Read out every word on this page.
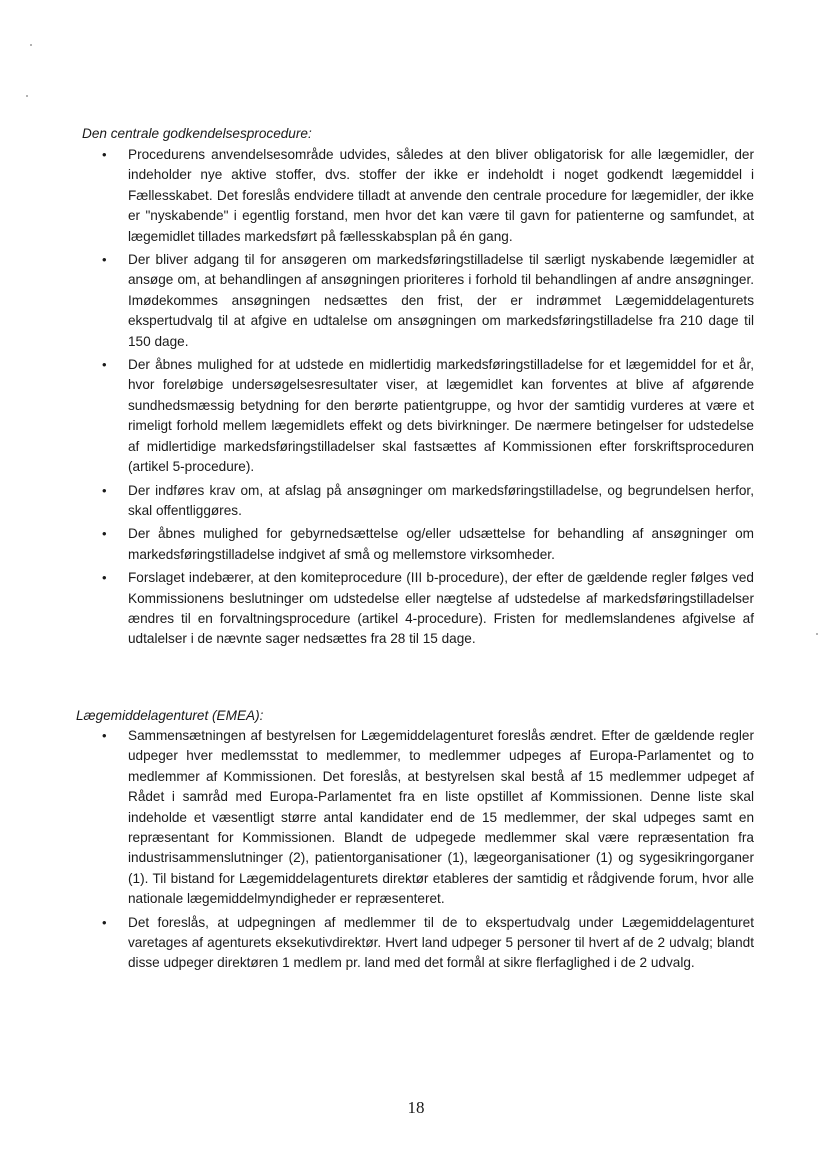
Den centrale godkendelsesprocedure:

• Procedurens anvendelsesområde udvides, således at den bliver obligatorisk for alle lægemidler, der indeholder nye aktive stoffer, dvs. stoffer der ikke er indeholdt i noget godkendt lægemiddel i Fællesskabet. Det foreslås endvidere tilladt at anvende den centrale procedure for lægemidler, der ikke er "nyskabende" i egentlig forstand, men hvor det kan være til gavn for patienterne og samfundet, at lægemidlet tillades markedsført på fællesskabsplan på én gang.
• Der bliver adgang til for ansøgeren om markedsføringstilladelse til særligt nyskabende lægemidler at ansøge om, at behandlingen af ansøgningen prioriteres i forhold til behandlingen af andre ansøgninger. Imødekommes ansøgningen nedsættes den frist, der er indrømmet Lægemiddelagenturets ekspertudvalg til at afgive en udtalelse om ansøgningen om markedsføringstilladelse fra 210 dage til 150 dage.
• Der åbnes mulighed for at udstede en midlertidig markedsføringstilladelse for et lægemiddel for et år, hvor foreløbige undersøgelsesresultater viser, at lægemidlet kan forventes at blive af afgørende sundhedsmæssig betydning for den berørte patientgruppe, og hvor der samtidig vurderes at være et rimeligt forhold mellem lægemidlets effekt og dets bivirkninger. De nærmere betingelser for udstedelse af midlertidige markedsføringstilladelser skal fastsættes af Kommissionen efter forskriftsproceduren (artikel 5-procedure).
• Der indføres krav om, at afslag på ansøgninger om markedsføringstilladelse, og begrundelsen herfor, skal offentliggøres.
• Der åbnes mulighed for gebyrnedsættelse og/eller udsættelse for behandling af ansøgninger om markedsføringstilladelse indgivet af små og mellemstore virksomheder.
• Forslaget indebærer, at den komiteprocedure (III b-procedure), der efter de gældende regler følges ved Kommissionens beslutninger om udstedelse eller nægtelse af udstedelse af markedsføringstilladelser ændres til en forvaltningsprocedure (artikel 4-procedure). Fristen for medlemslandenes afgivelse af udtalelser i de nævnte sager nedsættes fra 28 til 15 dage.

Lægemiddelagenturet (EMEA):

• Sammensætningen af bestyrelsen for Lægemiddelagenturet foreslås ændret. Efter de gældende regler udpeger hver medlemsstat to medlemmer, to medlemmer udpeges af Europa-Parlamentet og to medlemmer af Kommissionen. Det foreslås, at bestyrelsen skal bestå af 15 medlemmer udpeget af Rådet i samråd med Europa-Parlamentet fra en liste opstillet af Kommissionen. Denne liste skal indeholde et væsentligt større antal kandidater end de 15 medlemmer, der skal udpeges samt en repræsentant for Kommissionen. Blandt de udpegede medlemmer skal være repræsentation fra industrisammenslutninger (2), patientorganisationer (1), lægeorganisationer (1) og sygesikringorganer (1). Til bistand for Lægemiddelagenturets direktør etableres der samtidig et rådgivende forum, hvor alle nationale lægemiddelmyndigheder er repræsenteret.
• Det foreslås, at udpegningen af medlemmer til de to ekspertudvalg under Lægemiddelagenturet varetages af agenturets eksekutivdirektør. Hvert land udpeger 5 personer til hvert af de 2 udvalg; blandt disse udpeger direktøren 1 medlem pr. land med det formål at sikre flerfaglighed i de 2 udvalg.
18
